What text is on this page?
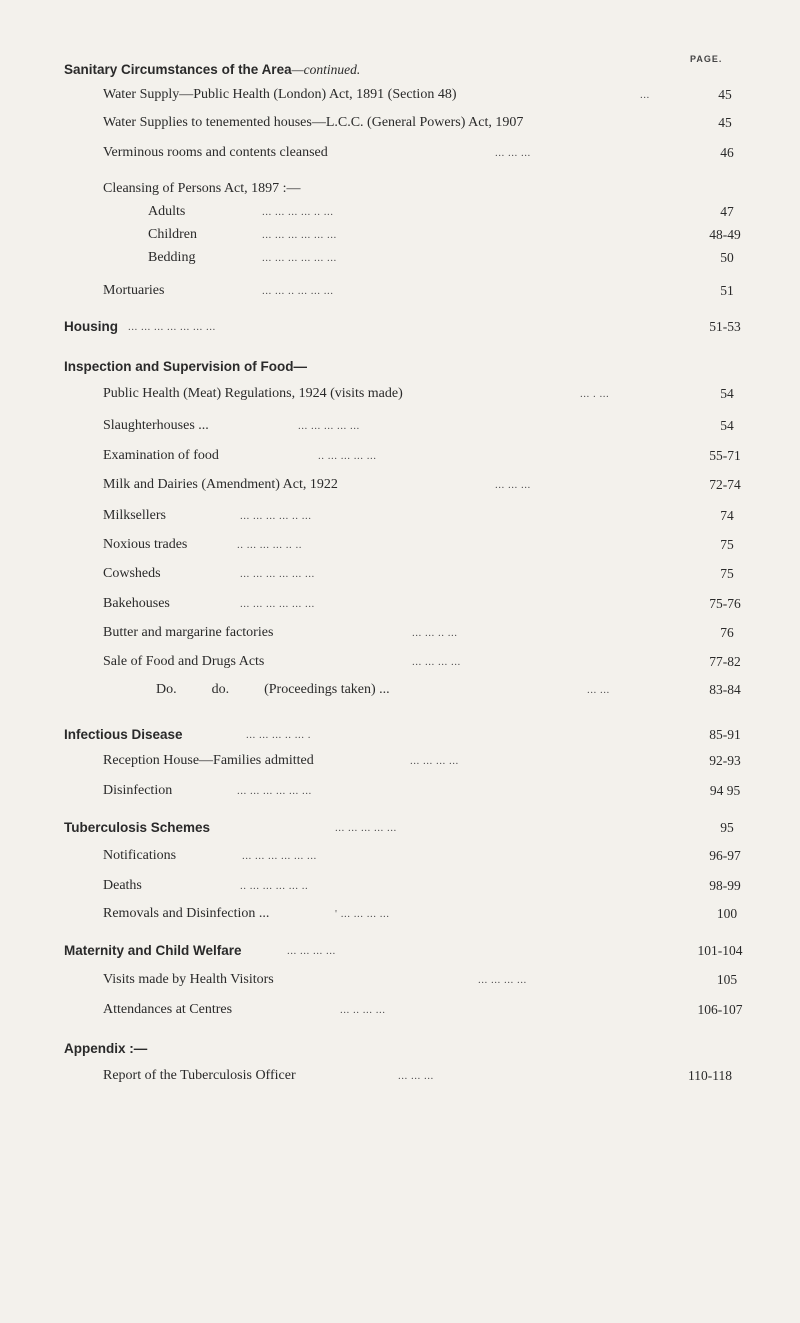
PAGE.
Sanitary Circumstances of the Area—continued.
Water Supply—Public Health (London) Act, 1891 (Section 48)	...	45
Water Supplies to tenemented houses—L.C.C. (General Powers) Act, 1907	45
Verminous rooms and contents cleansed	... ... ...	46
Cleansing of Persons Act, 1897 :—
Adults	... ... ... ... .. ...	47
Children	... ... ... ... ... ...	48-49
Bedding	... ... ... ... ... ...	50
Mortuaries	... ... .. ... ... ...	51
Housing ... ... ... ... ... ... ...	51-53
Inspection and Supervision of Food—
Public Health (Meat) Regulations, 1924 (visits made)	... . ...	54
Slaughterhouses ...	... ... ... ... ...	54
Examination of food	.. ... ... ... ...	55-71
Milk and Dairies (Amendment) Act, 1922	... ... ...	72-74
Milksellers	... ... ... ... .. ...	74
Noxious trades	.. ... ... ... .. ..	75
Cowsheds	... ... ... ... ... ...	75
Bakehouses	... ... ... ... ... ...	75-76
Butter and margarine factories	... ... .. ...	76
Sale of Food and Drugs Acts	... ... ... ...	77-82
Do.          do.          (Proceedings taken) ...	... ...	83-84
Infectious Disease	... ... ... .. ... .	85-91
Reception House—Families admitted	... ... ... ...	92-93
Disinfection	... ... ... ... ... ...	94 95
Tuberculosis Schemes	... ... ... ... ...	95
Notifications	... ... ... ... ... ...	96-97
Deaths	.. ... ... ... ... ..	98-99
Removals and Disinfection ...	' ... ... ... ...	100
Maternity and Child Welfare	... ... ... ...	101-104
Visits made by Health Visitors	... ... ... ...	105
Attendances at Centres	... .. ... ...	106-107
Appendix :—
Report of the Tuberculosis Officer	... ... ...	110-118
